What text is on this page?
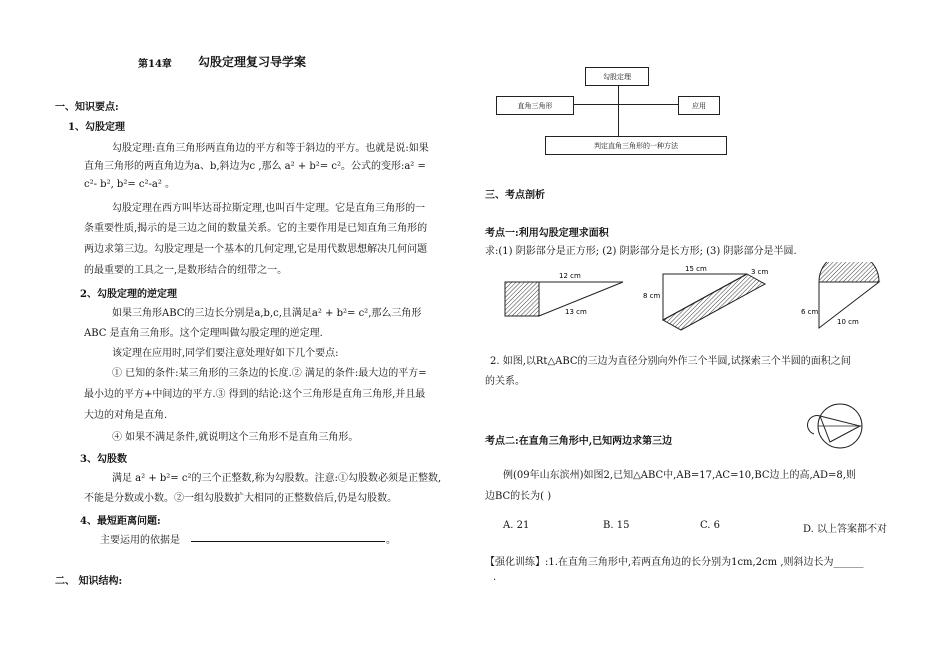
第14章 勾股定理复习导学案
一、知识要点:
1、勾股定理
勾股定理:直角三角形两直角边的平方和等于斜边的平方。也就是说:如果
直角三角形的两直角边为a、b,斜边为c ,那么 a² + b²= c²。公式的变形:a² =
c²- b², b²= c²-a² 。
勾股定理在西方叫毕达哥拉斯定理,也叫百牛定理。它是直角三角形的一
条重要性质,揭示的是三边之间的数量关系。它的主要作用是已知直角三角形的
两边求第三边。勾股定理是一个基本的几何定理,它是用代数思想解决几何问题
的最重要的工具之一,是数形结合的纽带之一。
2、勾股定理的逆定理
如果三角形ABC的三边长分别是a,b,c,且满足a² + b²= c²,那么三角形
ABC 是直角三角形。这个定理叫做勾股定理的逆定理.
该定理在应用时,同学们要注意处理好如下几个要点:
① 已知的条件:某三角形的三条边的长度.② 满足的条件:最大边的平方=
最小边的平方+中间边的平方.③ 得到的结论:这个三角形是直角三角形,并且最
大边的对角是直角.
④ 如果不满足条件,就说明这个三角形不是直角三角形。
3、勾股数
满足 a² + b²= c²的三个正整数,称为勾股数。注意:①勾股数必须是正整数,
不能是分数或小数。②一组勾股数扩大相同的正整数倍后,仍是勾股数。
4、最短距离问题:
主要运用的依据是	。
二、 知识结构:
勾股定理
直角三角形	应用
判定直角三角形的一种方法
三、考点剖析
考点一:利用勾股定理求面积
求:(1) 阴影部分是正方形; (2) 阴影部分是长方形; (3) 阴影部分是半圆.
12 cm
13 cm
15 cm	3 cm
8 cm
6 cm
10 cm
2. 如图,以Rt△ABC的三边为直径分别向外作三个半圆,试探索三个半圆的面积之间
的关系。
考点二:在直角三角形中,已知两边求第三边
例(09年山东滨州)如图2,已知△ABC中,AB=17,AC=10,BC边上的高,AD=8,则
边BC的长为( )
A. 21	B. 15	C. 6	D. 以上答案都不对
【强化训练】:1.在直角三角形中,若两直角边的长分别为1cm,2cm ,则斜边长为______
.
